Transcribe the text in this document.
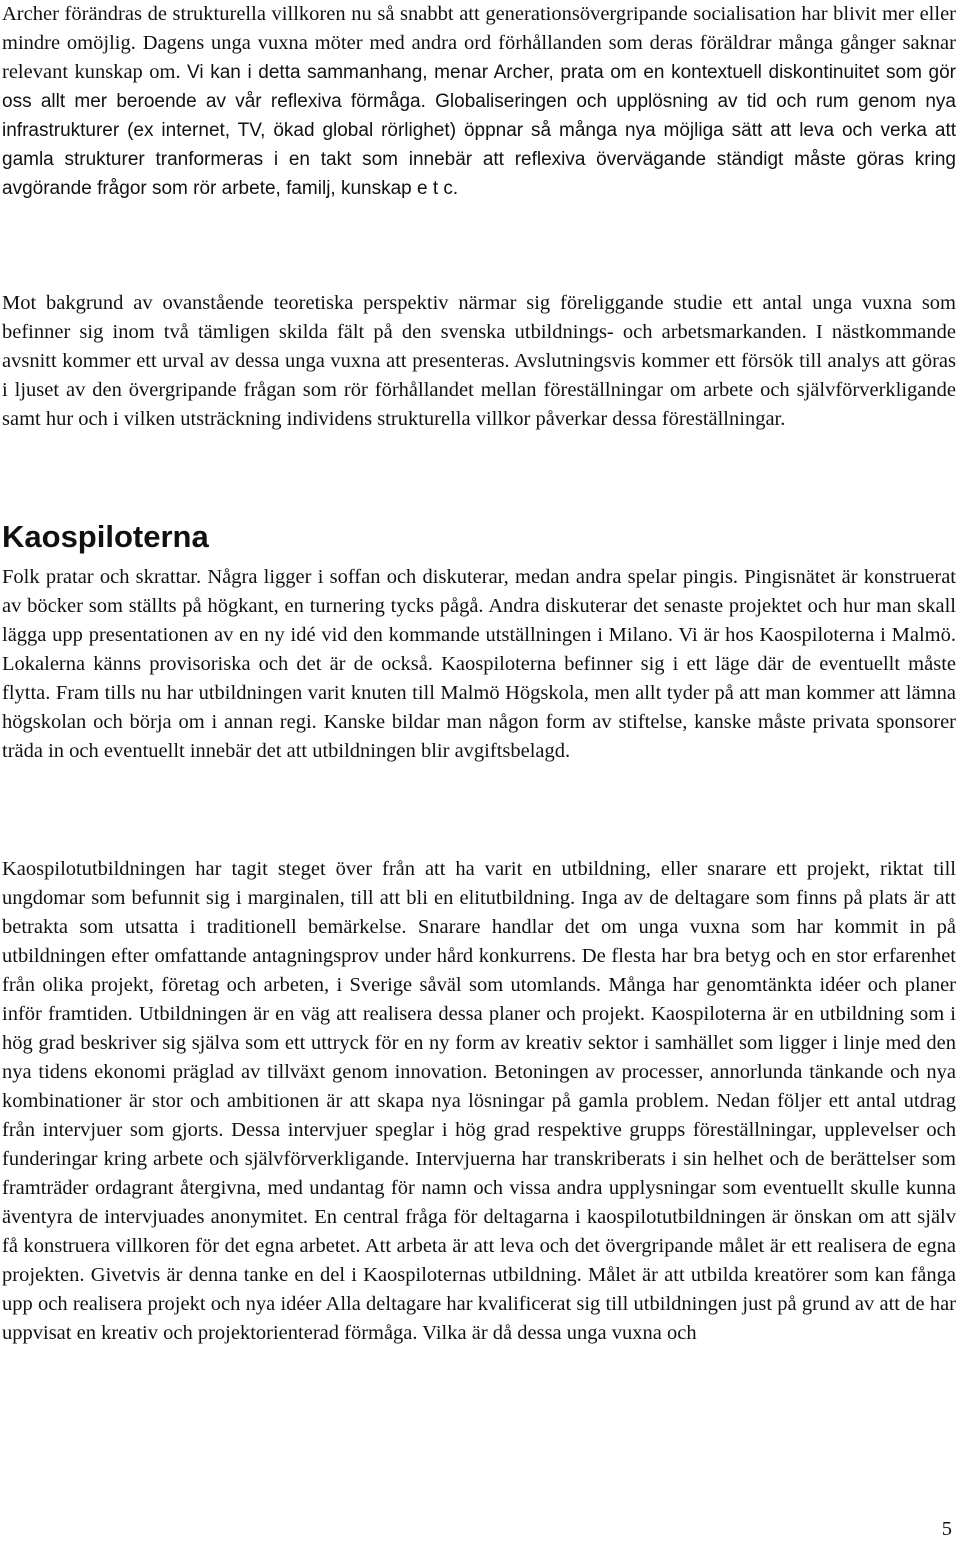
Archer förändras de strukturella villkoren nu så snabbt att generationsövergripande socialisation har blivit mer eller mindre omöjlig. Dagens unga vuxna möter med andra ord förhållanden som deras föräldrar många gånger saknar relevant kunskap om. Vi kan i detta sammanhang, menar Archer, prata om en kontextuell diskontinuitet som gör oss allt mer beroende av vår reflexiva förmåga. Globaliseringen och upplösning av tid och rum genom nya infrastrukturer (ex internet, TV, ökad global rörlighet) öppnar så många nya möjliga sätt att leva och verka att gamla strukturer tranformeras i en takt som innebär att reflexiva övervägande ständigt måste göras kring avgörande frågor som rör arbete, familj, kunskap e t c.

Mot bakgrund av ovanstående teoretiska perspektiv närmar sig föreliggande studie ett antal unga vuxna som befinner sig inom två tämligen skilda fält på den svenska utbildnings- och arbetsmarkanden. I nästkommande avsnitt kommer ett urval av dessa unga vuxna att presenteras. Avslutningsvis kommer ett försök till analys att göras i ljuset av den övergripande frågan som rör förhållandet mellan föreställningar om arbete och självförverkligande samt hur och i vilken utsträckning individens strukturella villkor påverkar dessa föreställningar.

Kaospiloterna

Folk pratar och skrattar. Några ligger i soffan och diskuterar, medan andra spelar pingis. Pingisnätet är konstruerat av böcker som ställts på högkant, en turnering tycks pågå. Andra diskuterar det senaste projektet och hur man skall lägga upp presentationen av en ny idé vid den kommande utställningen i Milano. Vi är hos Kaospiloterna i Malmö. Lokalerna känns provisoriska och det är de också. Kaospiloterna befinner sig i ett läge där de eventuellt måste flytta. Fram tills nu har utbildningen varit knuten till Malmö Högskola, men allt tyder på att man kommer att lämna högskolan och börja om i annan regi. Kanske bildar man någon form av stiftelse, kanske måste privata sponsorer träda in och eventuellt innebär det att utbildningen blir avgiftsbelagd.

Kaospilotutbildningen har tagit steget över från att ha varit en utbildning, eller snarare ett projekt, riktat till ungdomar som befunnit sig i marginalen, till att bli en elitutbildning. Inga av de deltagare som finns på plats är att betrakta som utsatta i traditionell bemärkelse. Snarare handlar det om unga vuxna som har kommit in på utbildningen efter omfattande antagningsprov under hård konkurrens. De flesta har bra betyg och en stor erfarenhet från olika projekt, företag och arbeten, i Sverige såväl som utomlands. Många har genomtänkta idéer och planer inför framtiden. Utbildningen är en väg att realisera dessa planer och projekt. Kaospiloterna är en utbildning som i hög grad beskriver sig själva som ett uttryck för en ny form av kreativ sektor i samhället som ligger i linje med den nya tidens ekonomi präglad av tillväxt genom innovation. Betoningen av processer, annorlunda tänkande och nya kombinationer är stor och ambitionen är att skapa nya lösningar på gamla problem. Nedan följer ett antal utdrag från intervjuer som gjorts. Dessa intervjuer speglar i hög grad respektive grupps föreställningar, upplevelser och funderingar kring arbete och självförverkligande. Intervjuerna har transkriberats i sin helhet och de berättelser som framträder ordagrant återgivna, med undantag för namn och vissa andra upplysningar som eventuellt skulle kunna äventyra de intervjuades anonymitet. En central fråga för deltagarna i kaospilotutbildningen är önskan om att själv få konstruera villkoren för det egna arbetet. Att arbeta är att leva och det övergripande målet är ett realisera de egna projekten. Givetvis är denna tanke en del i Kaospiloternas utbildning. Målet är att utbilda kreatörer som kan fånga upp och realisera projekt och nya idéer Alla deltagare har kvalificerat sig till utbildningen just på grund av att de har uppvisat en kreativ och projektorienterad förmåga. Vilka är då dessa unga vuxna och

5
